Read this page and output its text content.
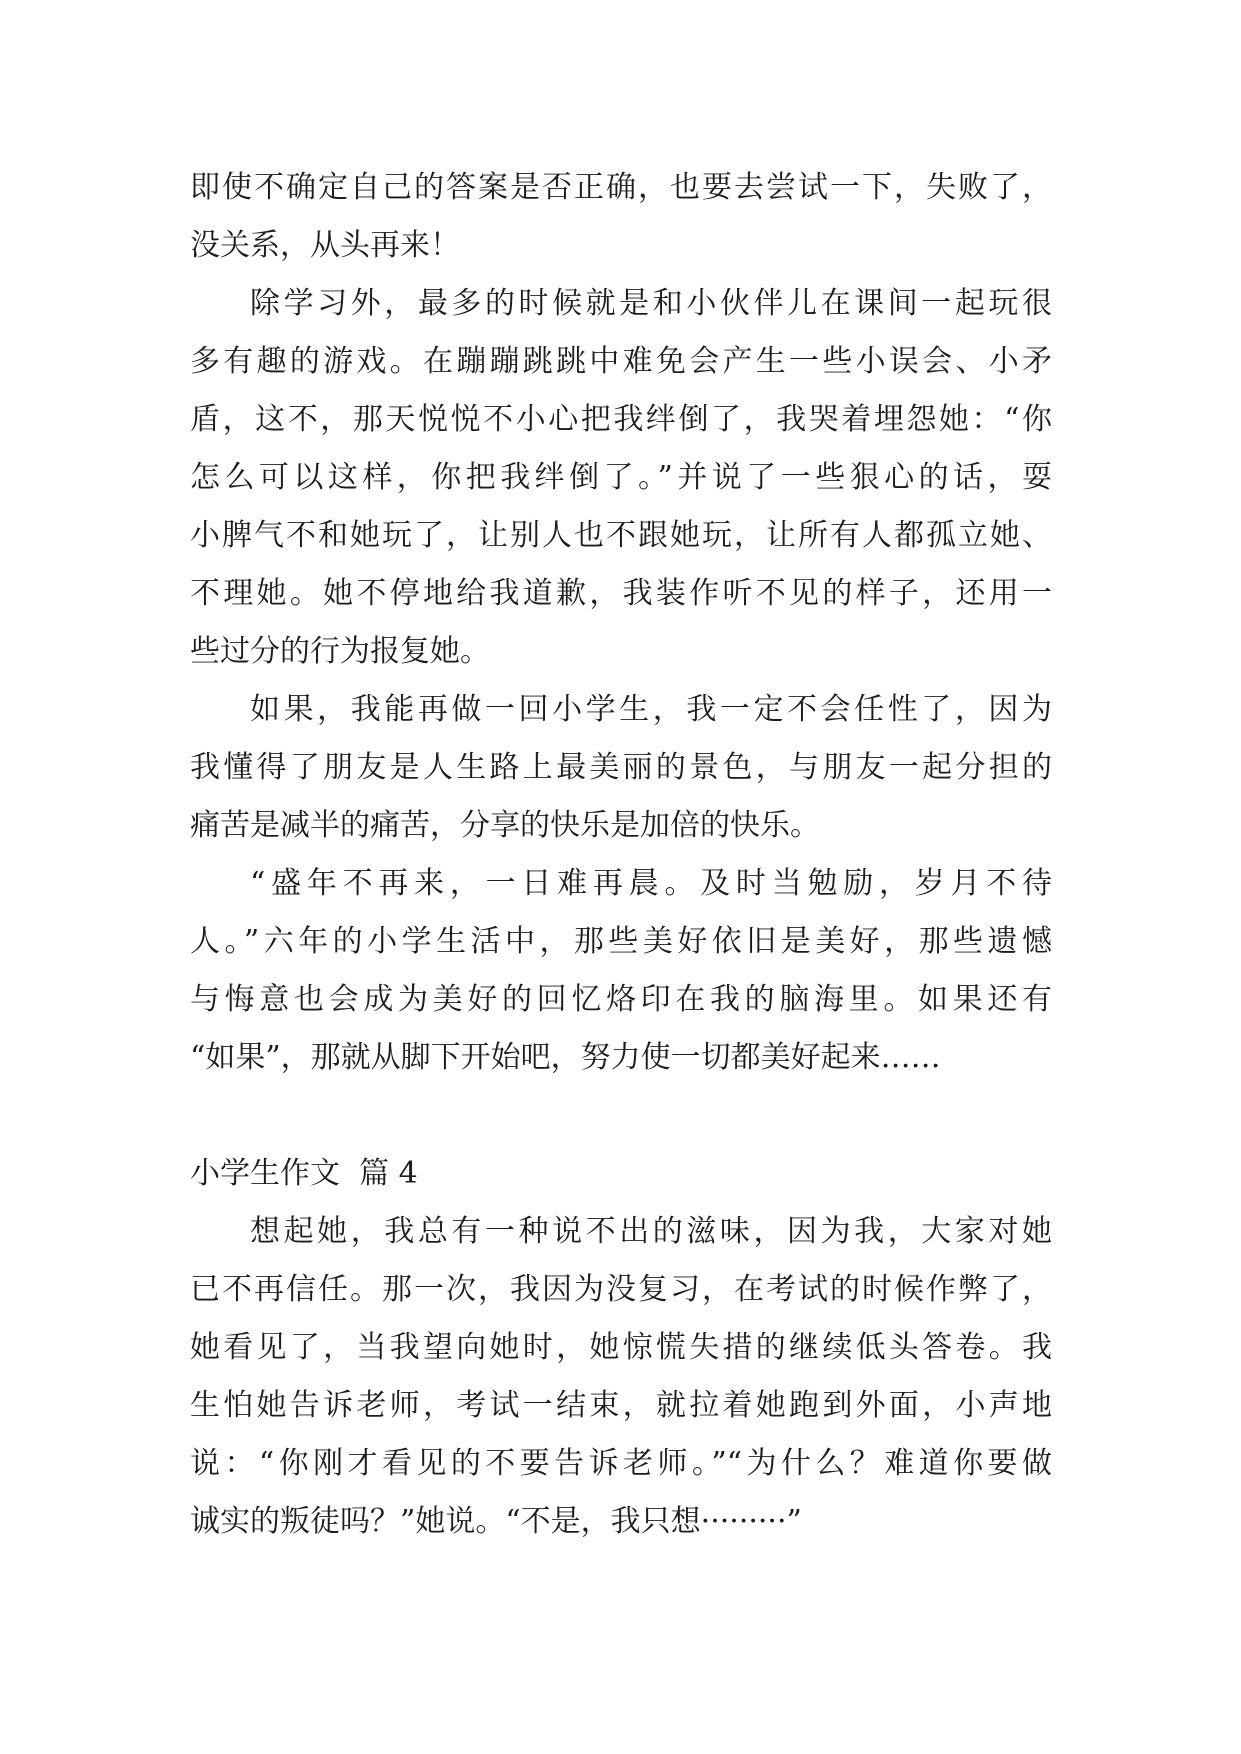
即使不确定自己的答案是否正确，也要去尝试一下，失败了，
没关系，从头再来！
除学习外，最多的时候就是和小伙伴儿在课间一起玩很
多有趣的游戏。在蹦蹦跳跳中难免会产生一些小误会、小矛
盾，这不，那天悦悦不小心把我绊倒了，我哭着埋怨她：“你
怎么可以这样，你把我绊倒了。”并说了一些狠心的话，耍
小脾气不和她玩了，让别人也不跟她玩，让所有人都孤立她、
不理她。她不停地给我道歉，我装作听不见的样子，还用一
些过分的行为报复她。
如果，我能再做一回小学生，我一定不会任性了，因为
我懂得了朋友是人生路上最美丽的景色，与朋友一起分担的
痛苦是减半的痛苦，分享的快乐是加倍的快乐。
“盛年不再来，一日难再晨。及时当勉励，岁月不待
人。”六年的小学生活中，那些美好依旧是美好，那些遗憾
与悔意也会成为美好的回忆烙印在我的脑海里。如果还有
“如果”，那就从脚下开始吧，努力使一切都美好起来……
小学生作文  篇 4
想起她，我总有一种说不出的滋味，因为我，大家对她
已不再信任。那一次，我因为没复习，在考试的时候作弊了，
她看见了，当我望向她时，她惊慌失措的继续低头答卷。我
生怕她告诉老师，考试一结束，就拉着她跑到外面，小声地
说：“你刚才看见的不要告诉老师。”“为什么？难道你要做
诚实的叛徒吗？”她说。“不是，我只想·········”
